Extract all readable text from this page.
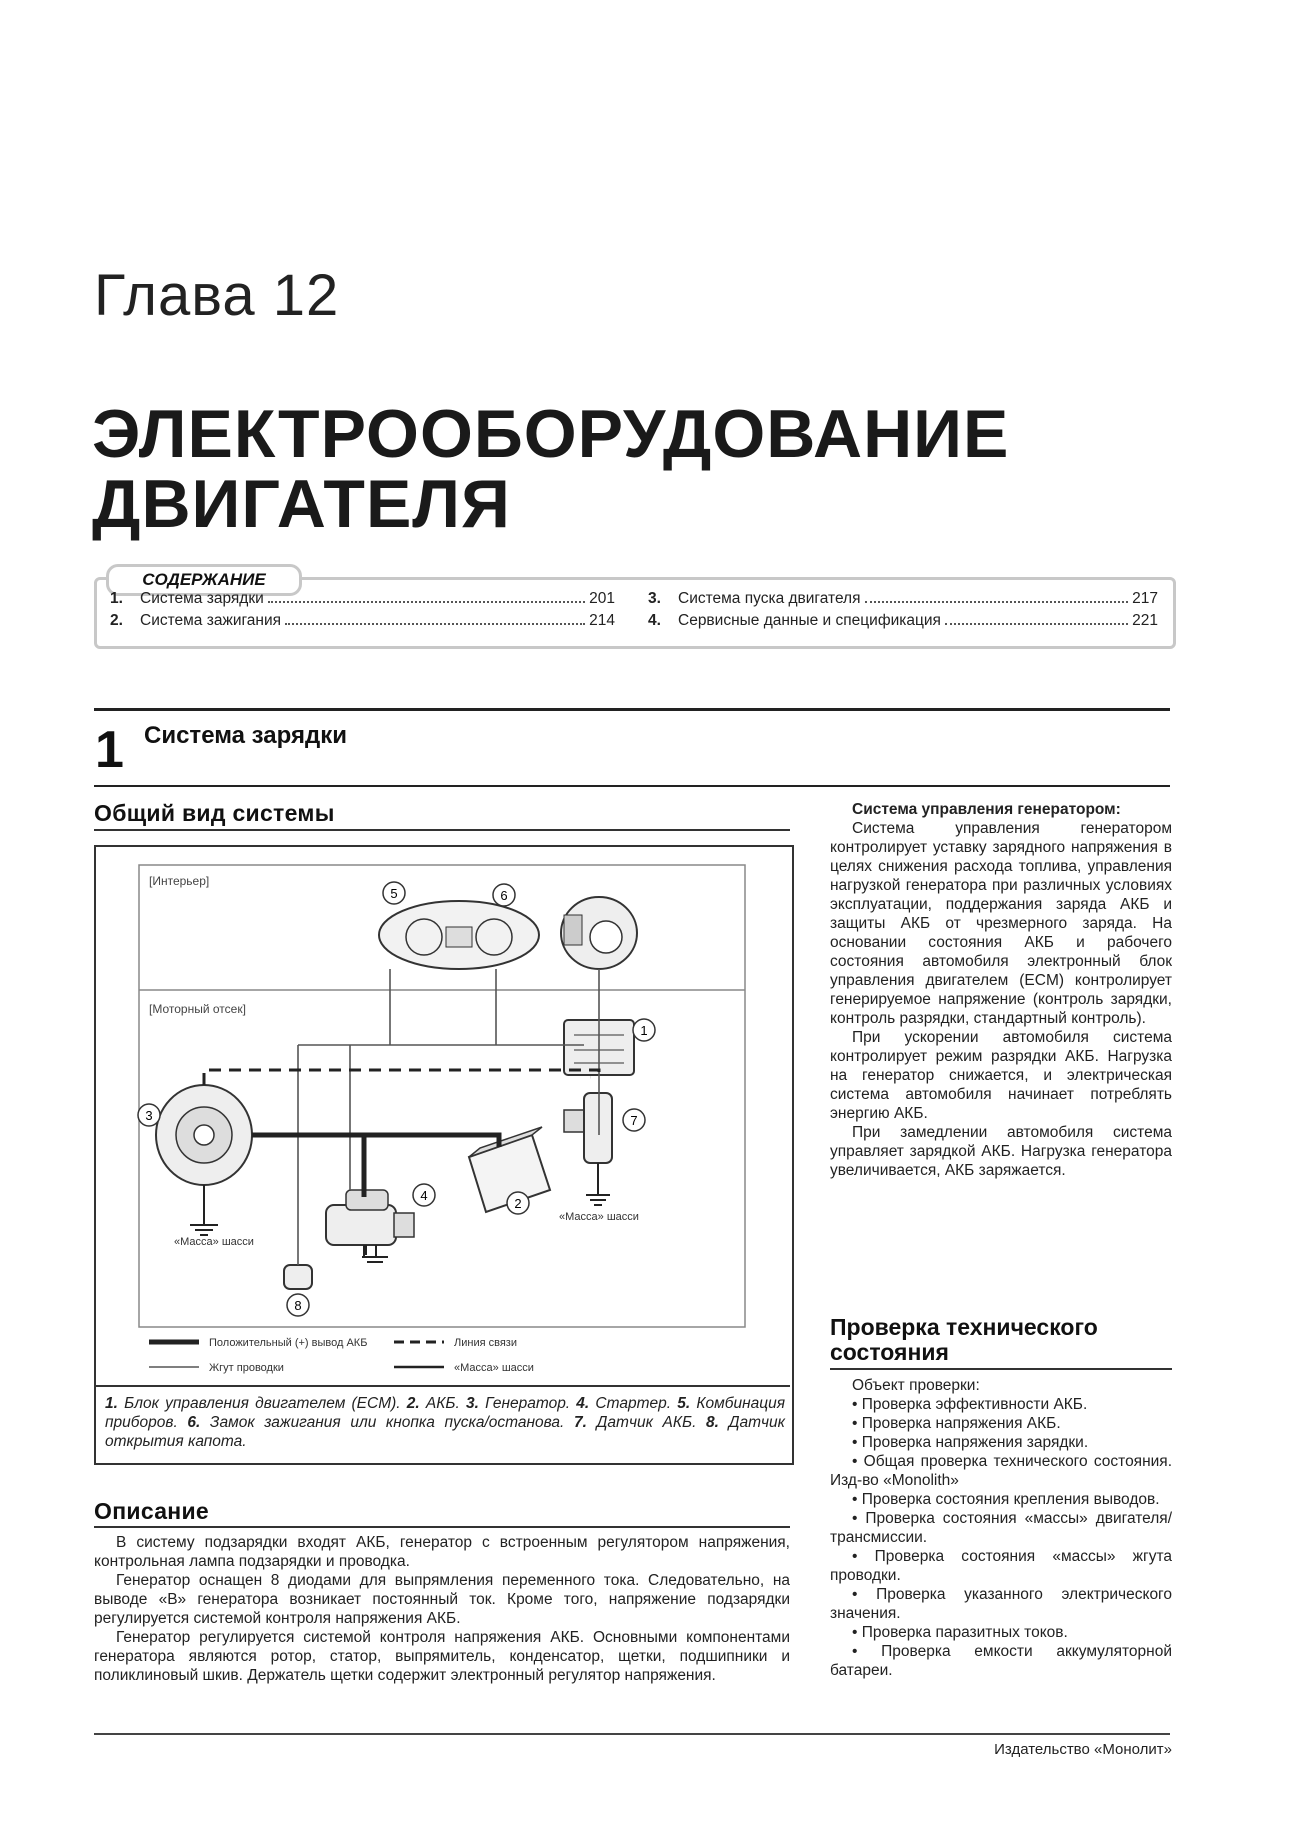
Глава 12
ЭЛЕКТРООБОРУДОВАНИЕ
ДВИГАТЕЛЯ
СОДЕРЖАНИЕ
1.	Система зарядки	201
2.	Система зажигания	214
3.	Система пуска двигателя	217
4.	Сервисные данные и спецификация	221
1 Система зарядки
Общий вид системы
[Интерьер]
[Моторный отсек]
1
2
3
4
5	6
7
8
«Масса» шасси
«Масса» шасси
Положительный (+) вывод АКБ	Линия связи
Жгут проводки	«Масса» шасси
1. Блок управления двигателем (ECM). 2. АКБ. 3. Генератор. 4. Стартер. 5. Комбинация приборов. 6. Замок зажигания или кнопка пуска/останова. 7. Датчик АКБ. 8. Датчик открытия капота.
Описание

В систему подзарядки входят АКБ, генератор с встроенным регулятором напряжения, контрольная лампа подзарядки и проводка.

Генератор оснащен 8 диодами для выпрямления переменного тока. Следовательно, на выводе «В» генератора возникает постоянный ток. Кроме того, напряжение подзарядки регулируется системой контроля напряжения АКБ.

Генератор регулируется системой контроля напряжения АКБ. Основными компонентами генератора являются ротор, статор, выпрямитель, конденсатор, щетки, подшипники и поликлиновый шкив. Держатель щетки содержит электронный регулятор напряжения.

Система управления генератором:

Система управления генератором контролирует уставку зарядного напряжения в целях снижения расхода топлива, управления нагрузкой генератора при различных условиях эксплуатации, поддержания заряда АКБ и защиты АКБ от чрезмерного заряда. На основании состояния АКБ и рабочего состояния автомобиля электронный блок управления двигателем (ECM) контролирует генерируемое напряжение (контроль зарядки, контроль разрядки, стандартный контроль).

При ускорении автомобиля система контролирует режим разрядки АКБ. Нагрузка на генератор снижается, и электрическая система автомобиля начинает потреблять энергию АКБ.

При замедлении автомобиля система управляет зарядкой АКБ. Нагрузка генератора увеличивается, АКБ заряжается.

Проверка технического
состояния
Объект проверки:
• Проверка эффективности АКБ.
• Проверка напряжения АКБ.
• Проверка напряжения зарядки.
• Общая проверка технического состояния. Изд-во «Monolith»
• Проверка состояния крепления выводов.
• Проверка состояния «массы» двигателя/трансмиссии.
• Проверка состояния «массы» жгута проводки.
• Проверка указанного электрического значения.
• Проверка паразитных токов.
• Проверка емкости аккумуляторной батареи.
Издательство «Монолит»
